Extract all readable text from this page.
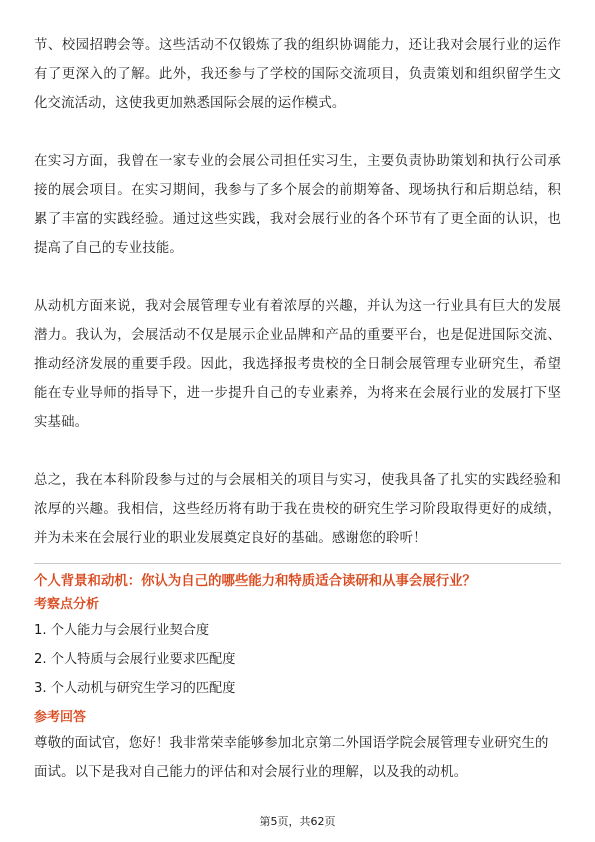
节、校园招聘会等。这些活动不仅锻炼了我的组织协调能力，还让我对会展行业的运作有了更深入的了解。此外，我还参与了学校的国际交流项目，负责策划和组织留学生文化交流活动，这使我更加熟悉国际会展的运作模式。

在实习方面，我曾在一家专业的会展公司担任实习生，主要负责协助策划和执行公司承接的展会项目。在实习期间，我参与了多个展会的前期筹备、现场执行和后期总结，积累了丰富的实践经验。通过这些实践，我对会展行业的各个环节有了更全面的认识，也提高了自己的专业技能。

从动机方面来说，我对会展管理专业有着浓厚的兴趣，并认为这一行业具有巨大的发展潜力。我认为，会展活动不仅是展示企业品牌和产品的重要平台，也是促进国际交流、推动经济发展的重要手段。因此，我选择报考贵校的全日制会展管理专业研究生，希望能在专业导师的指导下，进一步提升自己的专业素养，为将来在会展行业的发展打下坚实基础。

总之，我在本科阶段参与过的与会展相关的项目与实习，使我具备了扎实的实践经验和浓厚的兴趣。我相信，这些经历将有助于我在贵校的研究生学习阶段取得更好的成绩，并为未来在会展行业的职业发展奠定良好的基础。感谢您的聆听！

个人背景和动机：你认为自己的哪些能力和特质适合读研和从事会展行业？

考察点分析

1. 个人能力与会展行业契合度
2. 个人特质与会展行业要求匹配度
3. 个人动机与研究生学习的匹配度

参考回答

尊敬的面试官，您好！我非常荣幸能够参加北京第二外国语学院会展管理专业研究生的面试。以下是我对自己能力的评估和对会展行业的理解，以及我的动机。

第5页，共62页
